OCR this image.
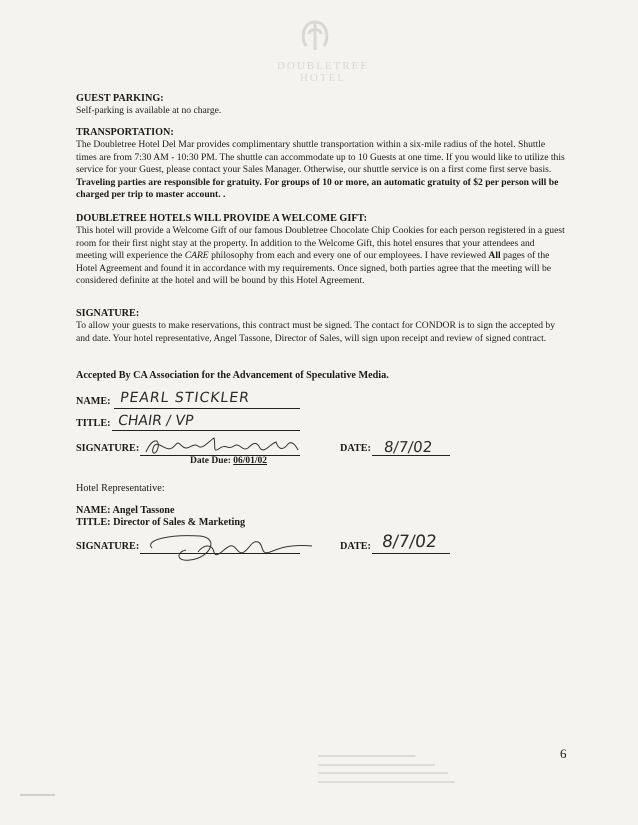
DOUBLETREE HOTEL
GUEST PARKING:

Self-parking is available at no charge.

TRANSPORTATION:

The Doubletree Hotel Del Mar provides complimentary shuttle transportation within a six-mile radius of the hotel. Shuttle times are from 7:30 AM - 10:30 PM. The shuttle can accommodate up to 10 Guests at one time. If you would like to utilize this service for your Guest, please contact your Sales Manager. Otherwise, our shuttle service is on a first come first serve basis. Traveling parties are responsible for gratuity. For groups of 10 or more, an automatic gratuity of $2 per person will be charged per trip to master account. .

DOUBLETREE HOTELS WILL PROVIDE A WELCOME GIFT:

This hotel will provide a Welcome Gift of our famous Doubletree Chocolate Chip Cookies for each person registered in a guest room for their first night stay at the property. In addition to the Welcome Gift, this hotel ensures that your attendees and meeting will experience the CARE philosophy from each and every one of our employees. I have reviewed All pages of the Hotel Agreement and found it in accordance with my requirements. Once signed, both parties agree that the meeting will be considered definite at the hotel and will be bound by this Hotel Agreement.

SIGNATURE:

To allow your guests to make reservations, this contract must be signed. The contact for CONDOR is to sign the accepted by and date. Your hotel representative, Angel Tassone, Director of Sales, will sign upon receipt and review of signed contract.

Accepted By CA Association for the Advancement of Speculative Media.
NAME: PEARL STICKLER
TITLE: CHAIR / VP
SIGNATURE:	DATE: 8/7/02
Date Due: 06/01/02
Hotel Representative:
NAME: Angel Tassone
TITLE: Director of Sales & Marketing
SIGNATURE:	DATE: 8/7/02
▬▬▬▬▬▬▬▬▬▬▬▬▬▬▬
▬▬▬▬▬▬▬▬▬▬▬▬▬▬▬▬▬▬
▬▬▬▬▬▬▬▬▬▬▬▬▬▬▬▬▬▬▬▬
▬▬▬▬▬▬▬▬▬▬▬▬▬▬▬▬▬▬▬▬▬
▬▬▬▬▬
6
